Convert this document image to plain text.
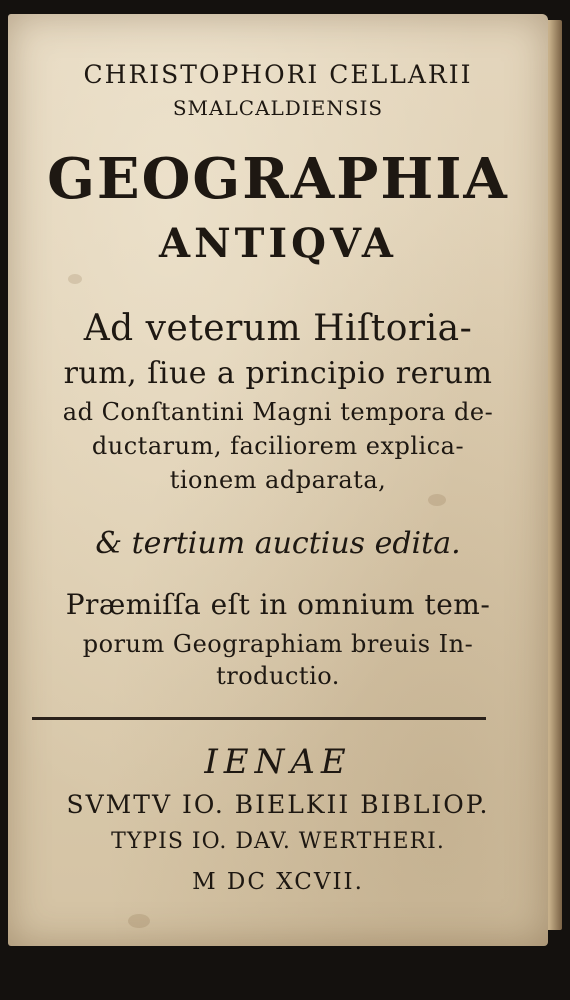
CHRISTOPHORI CELLARII

SMALCALDIENSIS

GEOGRAPHIA
ANTIQVA

Ad veterum Hiſtoria-

rum, ſiue a principio rerum

ad Conſtantini Magni tempora de-

ductarum, faciliorem explica-

tionem adparata,

& tertium auctius edita.

Præmiſſa eſt in omnium tem-

porum Geographiam breuis In-

troductio.

IENAE

SVMTV IO. BIELKII BIBLIOP.

TYPIS IO. DAV. WERTHERI.

M DC XCVII.
